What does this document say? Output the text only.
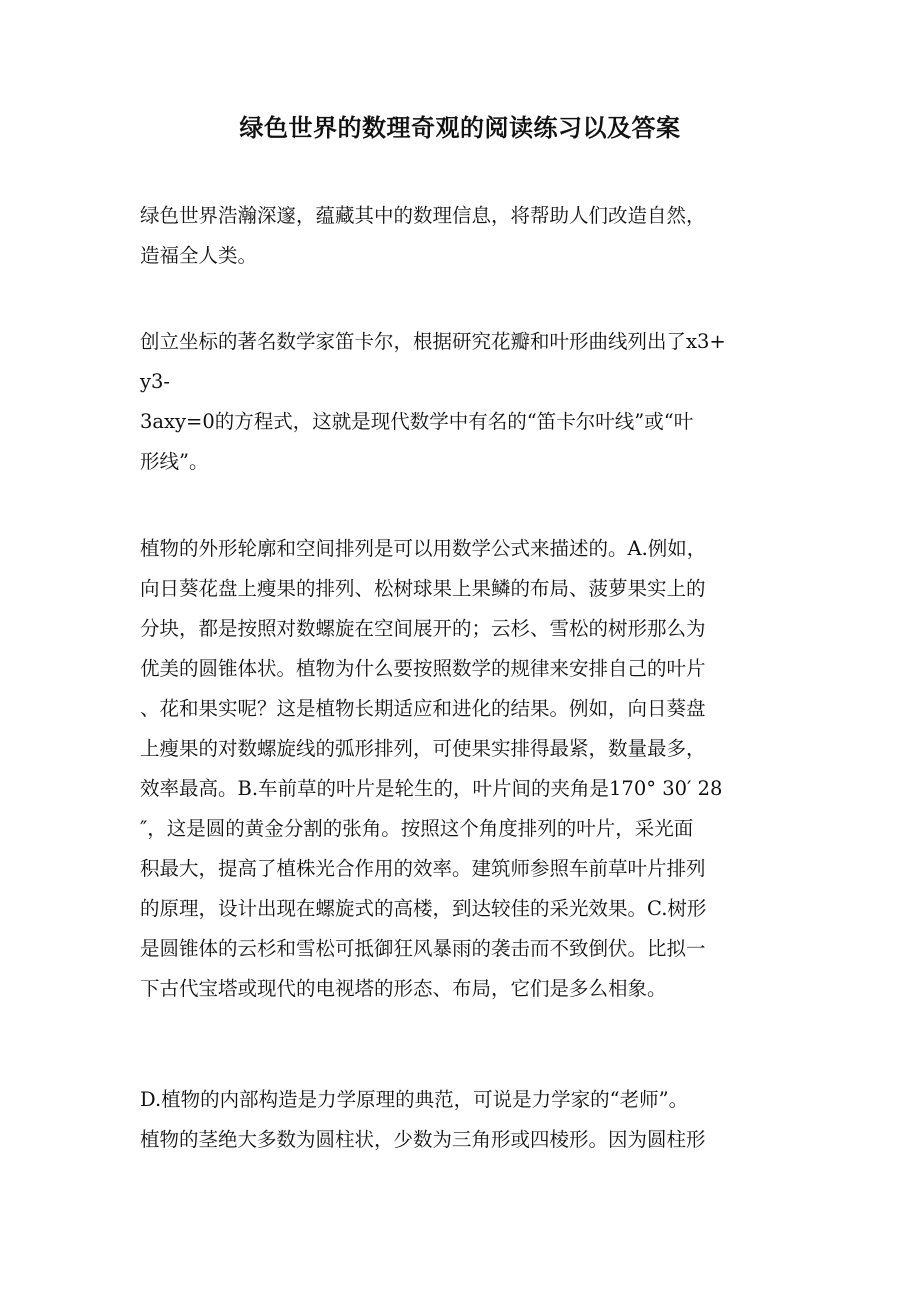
绿色世界的数理奇观的阅读练习以及答案
绿色世界浩瀚深邃，蕴藏其中的数理信息，将帮助人们改造自然，
造福全人类。
创立坐标的著名数学家笛卡尔，根据研究花瓣和叶形曲线列出了x3+
y3-
3axy=0的方程式，这就是现代数学中有名的“笛卡尔叶线”或“叶
形线”。
植物的外形轮廓和空间排列是可以用数学公式来描述的。A.例如，
向日葵花盘上瘦果的排列、松树球果上果鳞的布局、菠萝果实上的
分块，都是按照对数螺旋在空间展开的；云杉、雪松的树形那么为
优美的圆锥体状。植物为什么要按照数学的规律来安排自己的叶片
、花和果实呢？这是植物长期适应和进化的结果。例如，向日葵盘
上瘦果的对数螺旋线的弧形排列，可使果实排得最紧，数量最多，
效率最高。B.车前草的叶片是轮生的，叶片间的夹角是170° 30′ 28
″，这是圆的黄金分割的张角。按照这个角度排列的叶片，采光面
积最大，提高了植株光合作用的效率。建筑师参照车前草叶片排列
的原理，设计出现在螺旋式的高楼，到达较佳的采光效果。C.树形
是圆锥体的云杉和雪松可抵御狂风暴雨的袭击而不致倒伏。比拟一
下古代宝塔或现代的电视塔的形态、布局，它们是多么相象。
D.植物的内部构造是力学原理的典范，可说是力学家的“老师”。
植物的茎绝大多数为圆柱状，少数为三角形或四棱形。因为圆柱形
